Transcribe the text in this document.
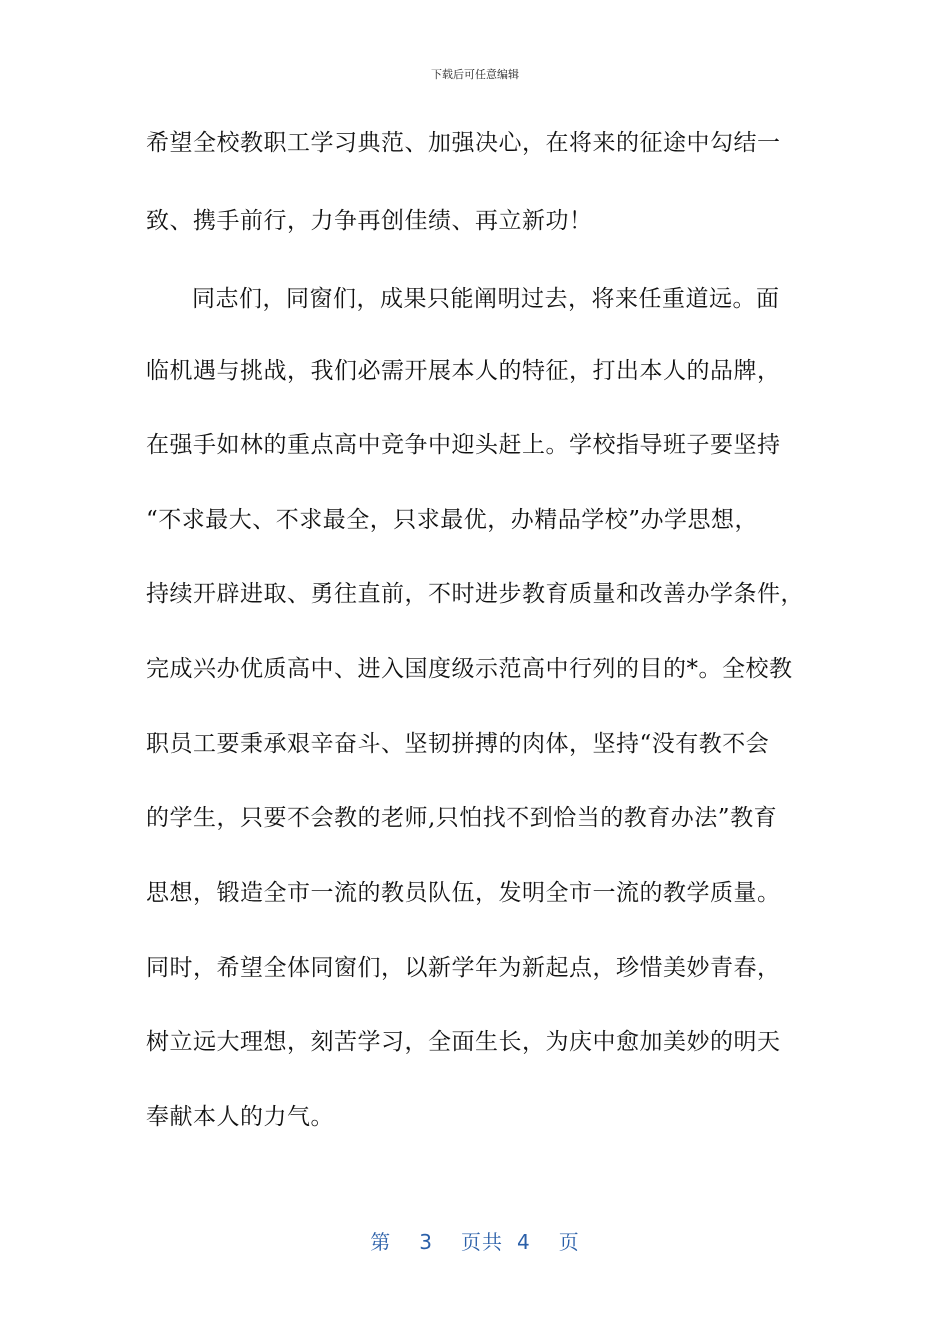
下载后可任意编辑
希望全校教职工学习典范、加强决心，在将来的征途中勾结一
致、携手前行，力争再创佳绩、再立新功！
同志们，同窗们，成果只能阐明过去，将来任重道远。面
临机遇与挑战，我们必需开展本人的特征，打出本人的品牌，
在强手如林的重点高中竞争中迎头赶上。学校指导班子要坚持
“不求最大、不求最全，只求最优，办精品学校”办学思想，
持续开辟进取、勇往直前，不时进步教育质量和改善办学条件，
完成兴办优质高中、进入国度级示范高中行列的目的*。全校教
职员工要秉承艰辛奋斗、坚韧拼搏的肉体，坚持“没有教不会
的学生，只要不会教的老师,只怕找不到恰当的教育办法”教育
思想，锻造全市一流的教员队伍，发明全市一流的教学质量。
同时，希望全体同窗们，以新学年为新起点，珍惜美妙青春，
树立远大理想，刻苦学习，全面生长，为庆中愈加美妙的明天
奉献本人的力气。
第 3 页共 4 页
